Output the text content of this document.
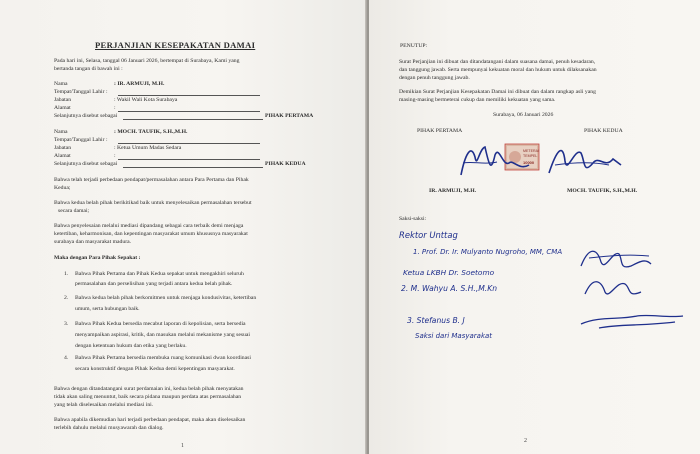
PERJANJIAN KESEPAKATAN DAMAI
Pada hari ini, Selasa, tanggal 06 Januari 2026, bertempat di Surabaya, Kami yang
bertanda tangan di bawah ini :
Nama	: IR. ARMUJI, M.H.
Tempat/Tanggal Lahir :
Jabatan	: Wakil Wali Kota Surabaya
Alamat	:
Selanjutnya disebut sebagai	PIHAK PERTAMA
Nama	: MOCH. TAUFIK, S.H.,M.H.
Tempat/Tanggal Lahir :
Jabatan	: Ketua Umum Madas Sedara
Alamat	:
Selanjutnya disebut sebagai	PIHAK KEDUA
Bahwa telah terjadi perbedaan pendapat/permasalahan antara Para Pertama dan Pihak
Kedua;
Bahwa kedua belah pihak berikitikad baik untuk menyelesaikan permasalahan tersebut
secara damai;
Bahwa penyelesaian melalui mediasi dipandang sebagai cara terbaik demi menjaga
ketertiban, keharmonisan, dan kepentingan masyarakat umum khususnya masyarakat
surabaya dan masyarakat madura.
Maka dengan Para Pihak Sepakat :
1. Bahwa Pihak Pertama dan Pihak Kedua sepakat untuk mengakhiri seluruh
permasalahan dan perselisihan yang terjadi antara kedua belah pihak.
2. Bahwa kedua belah pihak berkomitmen untuk menjaga kondusivitas, ketertiban
umum, serta hubungan baik.
3. Bahwa Pihak Kedua bersedia mecabut laporan di kepolisian, serta bersedia
menyampaikan aspirasi, kritik, dan masukan melalui mekanisme yang sesuai
dengan ketentuan hukum dan etika yang berlaku.
4. Bahwa Pihak Pertama bersedia membuka ruang komunikasi dwan koordinasi
secara konstruktif dengan Pihak Kedua demi kepentingan masyarakat.
Bahwa dengan ditandatangani surat perdamaian ini, kedua belah pihak menyatakan
tidak akan saling menuntut, baik secara pidana maupun perdata atas permasalahan
yang telah diselesaikan melalui mediasi ini.
Bahwa apabila dikemudian hari terjadi perbedaan pendapat, maka akan diselesaikan
terlebih dahulu melalui musyawarah dan dialog.
1
PENUTUP:
Surat Perjanjian ini dibuat dan ditandatangani dalam suasana damai, penuh kesadaran,
dan tanggung jawab. Serta mempunyai kekuatan moral dan hukum untuk dilaksanakan
dengan penuh tanggung jawab.
Demikian Surat Perjanjian Kesepakatan Damai ini dibuat dan dalam rangkap asli yang
masing-masing bermeterai cukup dan memiliki kekuatan yang sama.
Surabaya, 06 Januari 2026
PIHAK PERTAMA	PIHAK KEDUA
METERAI
TEMPEL
10000
IR. ARMUJI, M.H.	MOCH. TAUFIK, S.H.,M.H.
Saksi-saksi:
Rektor Unttag
1. Prof. Dr. Ir. Mulyanto Nugroho, MM, CMA
Ketua LKBH Dr. Soetomo
2. M. Wahyu A. S.H.,M.Kn
3. Stefanus B. J
Saksi dari Masyarakat
2
